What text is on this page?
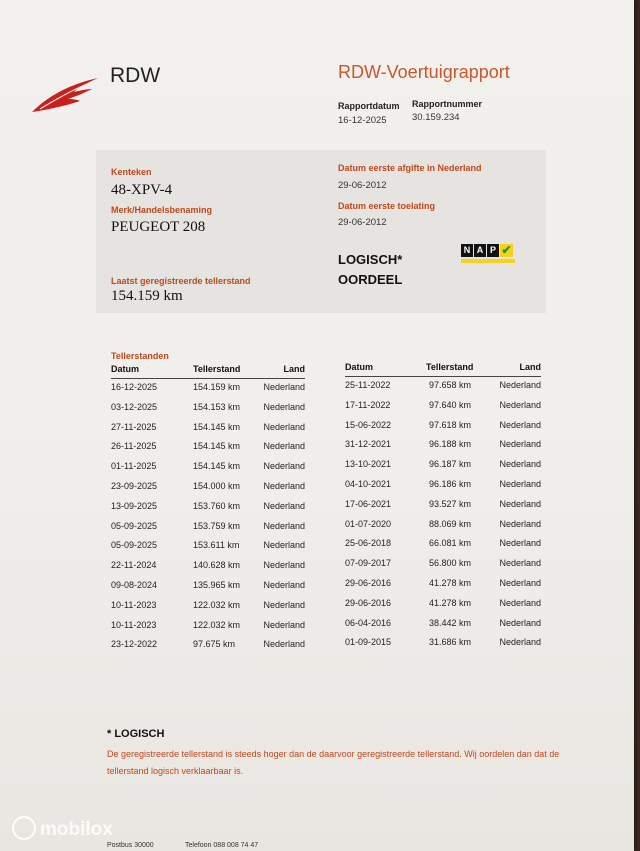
RDW	RDW-Voertuigrapport
Rapportdatum Rapportnummer
16-12-2025	30.159.234
Kenteken
48-XPV-4
Merk/Handelsbenaming
PEUGEOT 208
Laatst geregistreerde tellerstand
154.159 km
Datum eerste afgifte in Nederland
29-06-2012
Datum eerste toelating
29-06-2012
LOGISCH*
OORDEEL
N A P ✔
Tellerstanden
Datum	Tellerstand	Land
16-12-2025	154.159 km	Nederland
03-12-2025	154.153 km	Nederland
27-11-2025	154.145 km	Nederland
26-11-2025	154.145 km	Nederland
01-11-2025	154.145 km	Nederland
23-09-2025	154.000 km	Nederland
13-09-2025	153.760 km	Nederland
05-09-2025	153.759 km	Nederland
05-09-2025	153.611 km	Nederland
22-11-2024	140.628 km	Nederland
09-08-2024	135.965 km	Nederland
10-11-2023	122.032 km	Nederland
10-11-2023	122.032 km	Nederland
23-12-2022	97.675 km	Nederland
Datum	Tellerstand	Land
25-11-2022	97.658 km	Nederland
17-11-2022	97.640 km	Nederland
15-06-2022	97.618 km	Nederland
31-12-2021	96.188 km	Nederland
13-10-2021	96.187 km	Nederland
04-10-2021	96.186 km	Nederland
17-06-2021	93.527 km	Nederland
01-07-2020	88.069 km	Nederland
25-06-2018	66.081 km	Nederland
07-09-2017	56.800 km	Nederland
29-06-2016	41.278 km	Nederland
29-06-2016	41.278 km	Nederland
06-04-2016	38.442 km	Nederland
01-09-2015	31.686 km	Nederland
* LOGISCH
De geregistreerde tellerstand is steeds hoger dan de daarvoor geregistreerde tellerstand. Wij oordelen dan dat de tellerstand logisch verklaarbaar is.
Postbus 30000	Telefoon 088 008 74 47
mobilox
